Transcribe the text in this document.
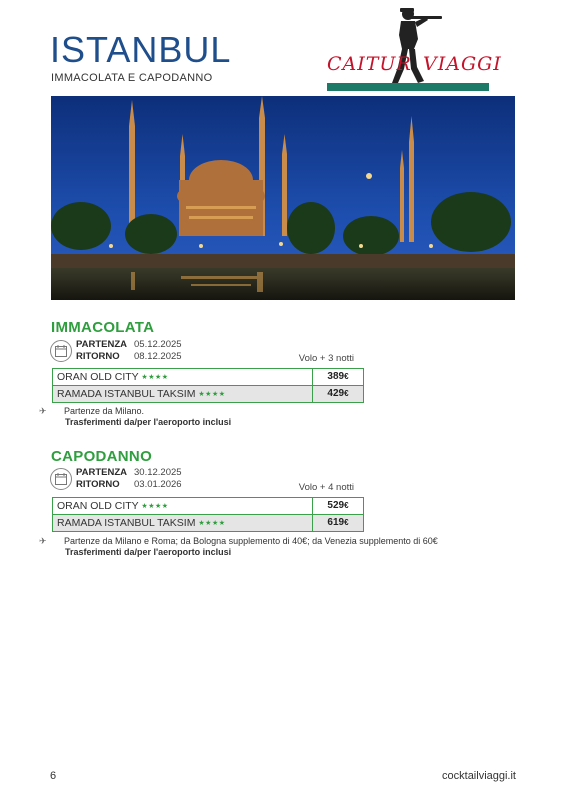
ISTANBUL
IMMACOLATA E CAPODANNO
CAITUR VIAGGI
IMMACOLATA
PARTENZA 05.12.2025
RITORNO 08.12.2025	Volo + 3 notti
ORAN OLD CITY ★★★★	389€
RAMADA ISTANBUL TAKSIM ★★★★	429€
✈ Partenze da Milano.
Trasferimenti da/per l'aeroporto inclusi
CAPODANNO
PARTENZA 30.12.2025
RITORNO 03.01.2026	Volo + 4 notti
ORAN OLD CITY ★★★★	529€
RAMADA ISTANBUL TAKSIM ★★★★	619€
✈ Partenze da Milano e Roma; da Bologna supplemento di 40€; da Venezia supplemento di 60€
Trasferimenti da/per l'aeroporto inclusi
6	cocktailviaggi.it
